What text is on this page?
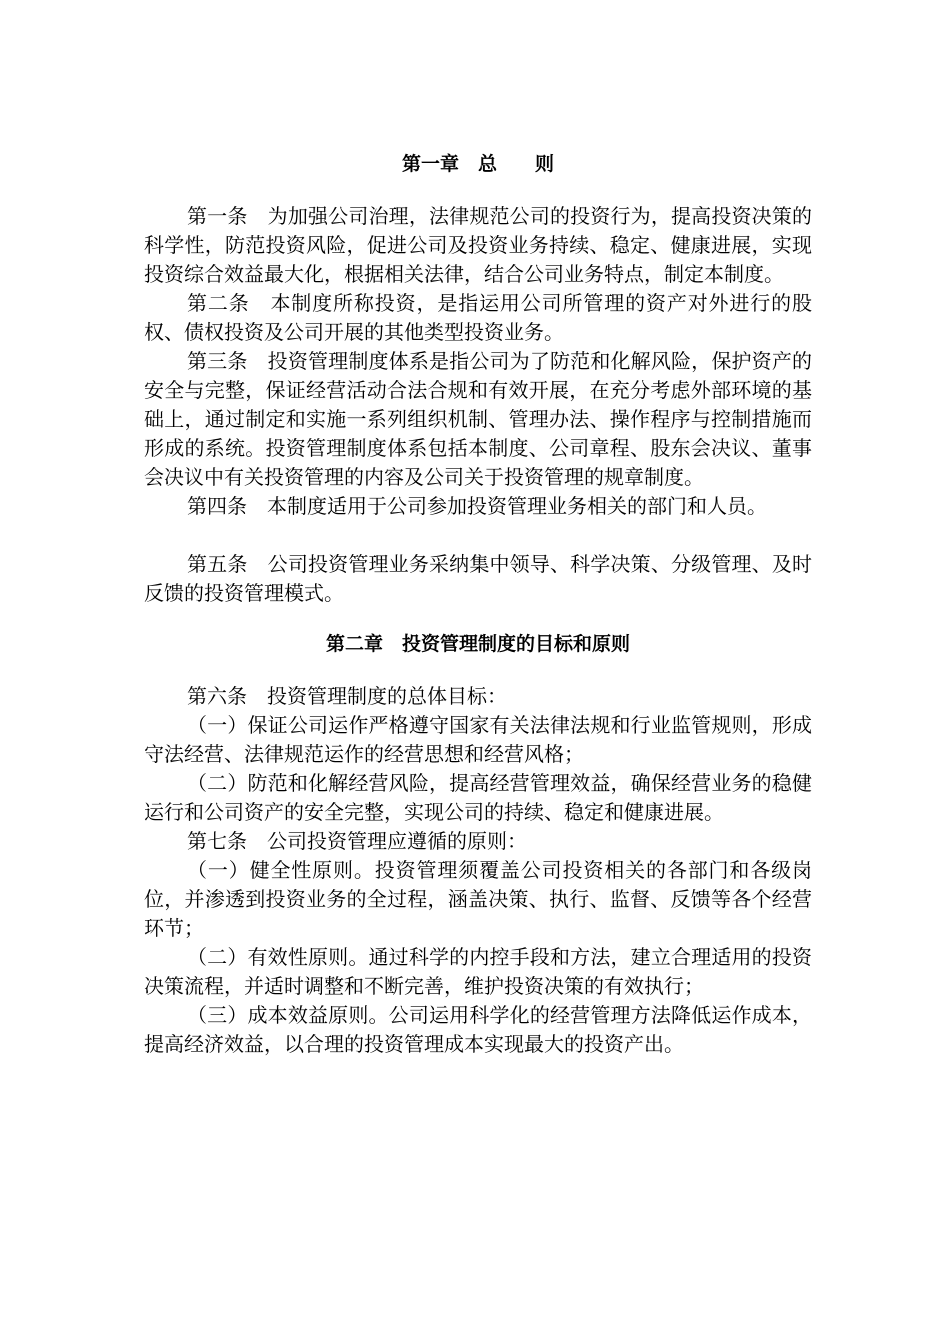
第一章　总　　则

第一条　为加强公司治理，法律规范公司的投资行为，提高投资决策的科学性，防范投资风险，促进公司及投资业务持续、稳定、健康进展，实现投资综合效益最大化，根据相关法律，结合公司业务特点，制定本制度。

第二条　本制度所称投资，是指运用公司所管理的资产对外进行的股权、债权投资及公司开展的其他类型投资业务。

第三条　投资管理制度体系是指公司为了防范和化解风险，保护资产的安全与完整，保证经营活动合法合规和有效开展，在充分考虑外部环境的基础上，通过制定和实施一系列组织机制、管理办法、操作程序与控制措施而形成的系统。投资管理制度体系包括本制度、公司章程、股东会决议、董事会决议中有关投资管理的内容及公司关于投资管理的规章制度。

第四条　本制度适用于公司参加投资管理业务相关的部门和人员。

第五条　公司投资管理业务采纳集中领导、科学决策、分级管理、及时反馈的投资管理模式。

第二章　投资管理制度的目标和原则

第六条　投资管理制度的总体目标：

（一）保证公司运作严格遵守国家有关法律法规和行业监管规则，形成守法经营、法律规范运作的经营思想和经营风格；

（二）防范和化解经营风险，提高经营管理效益，确保经营业务的稳健运行和公司资产的安全完整，实现公司的持续、稳定和健康进展。

第七条　公司投资管理应遵循的原则：

（一）健全性原则。投资管理须覆盖公司投资相关的各部门和各级岗位，并渗透到投资业务的全过程，涵盖决策、执行、监督、反馈等各个经营环节；

（二）有效性原则。通过科学的内控手段和方法，建立合理适用的投资决策流程，并适时调整和不断完善，维护投资决策的有效执行；

（三）成本效益原则。公司运用科学化的经营管理方法降低运作成本，提高经济效益，以合理的投资管理成本实现最大的投资产出。
